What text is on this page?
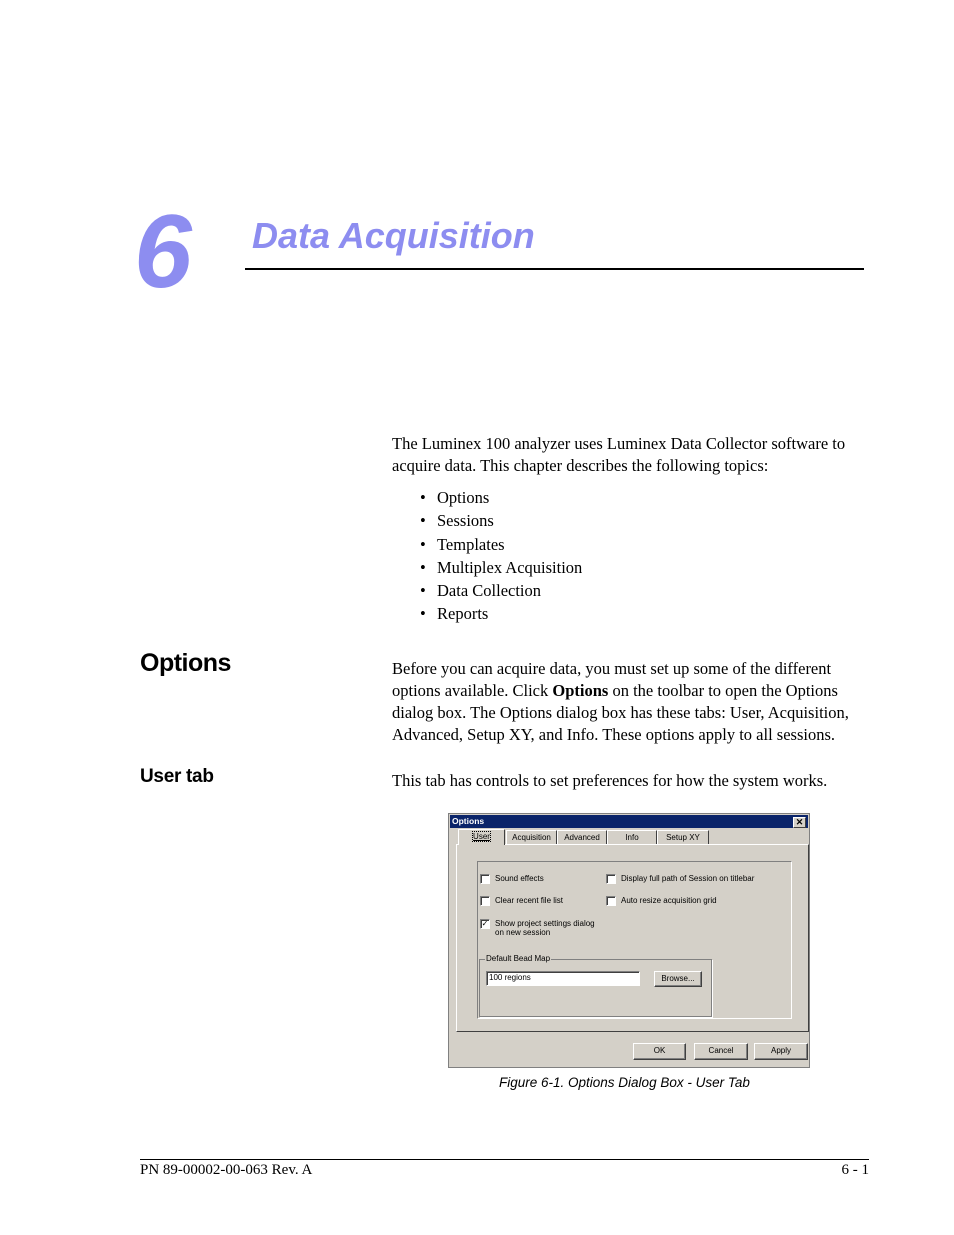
6 Data Acquisition
The Luminex 100 analyzer uses Luminex Data Collector software to acquire data. This chapter describes the following topics:
• Options
• Sessions
• Templates
• Multiplex Acquisition
• Data Collection
• Reports
Options	Before you can acquire data, you must set up some of the different options available. Click Options on the toolbar to open the Options dialog box. The Options dialog box has these tabs: User, Acquisition, Advanced, Setup XY, and Info. These options apply to all sessions.
User tab	This tab has controls to set preferences for how the system works.
Options	✕
User	Acquisition	Advanced	Info	Setup XY
Sound effects	Display full path of Session on titlebar
Clear recent file list	Auto resize acquisition grid
✓ Show project settings dialog
on new session
Default Bead Map
100 regions	Browse...
OK	Cancel	Apply
Figure 6-1. Options Dialog Box - User Tab
PN 89-00002-00-063 Rev. A	6 - 1
